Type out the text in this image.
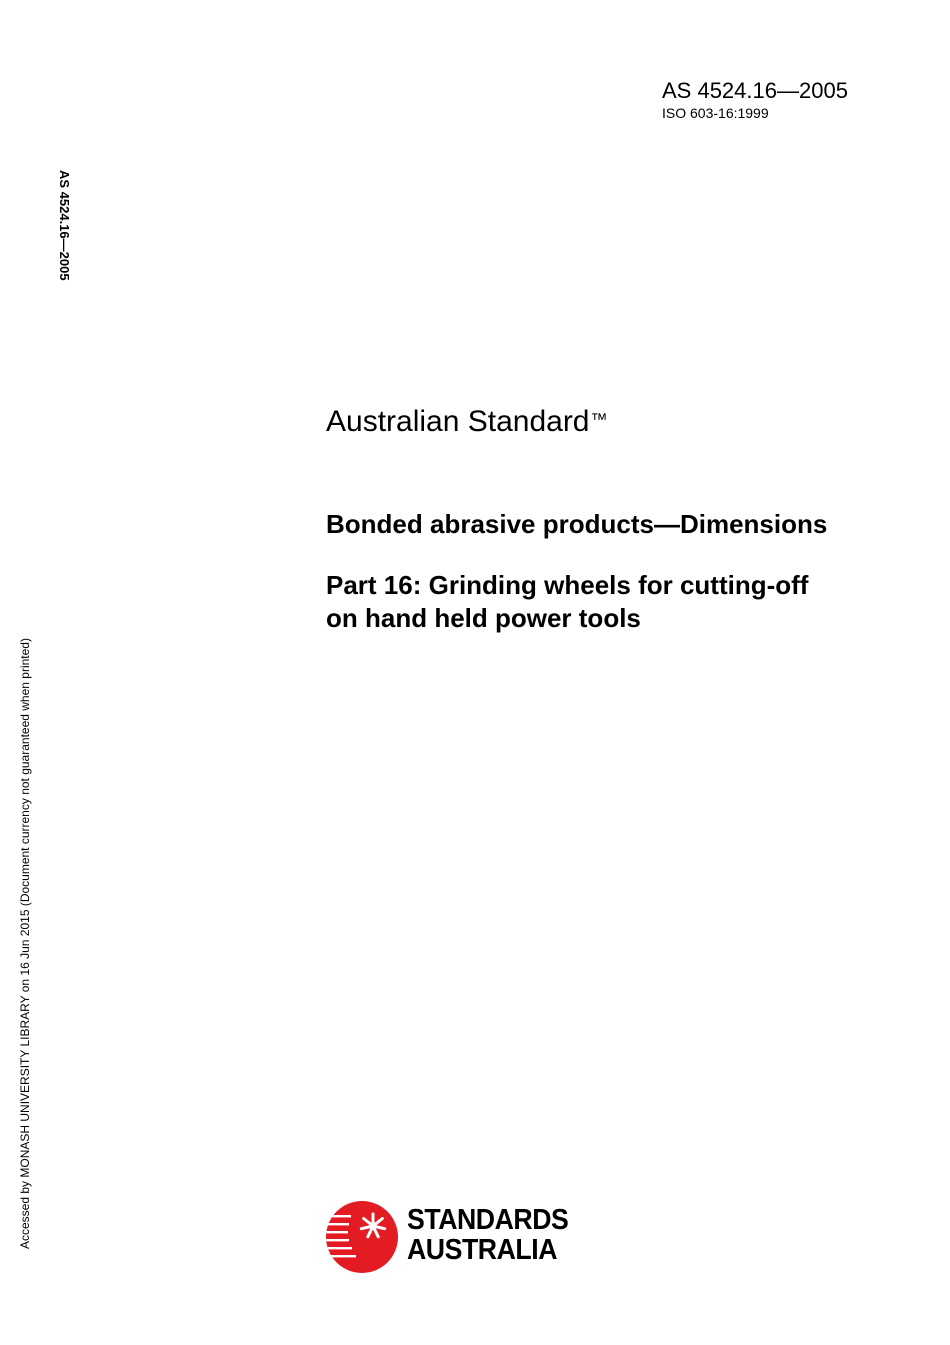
AS 4524.16—2005
ISO 603-16:1999
AS 4524.16—2005
Accessed by MONASH UNIVERSITY LIBRARY on 16 Jun 2015 (Document currency not guaranteed when printed)
Australian Standard™
Bonded abrasive products—Dimensions
Part 16: Grinding wheels for cutting-off
on hand held power tools
STANDARDS
AUSTRALIA
